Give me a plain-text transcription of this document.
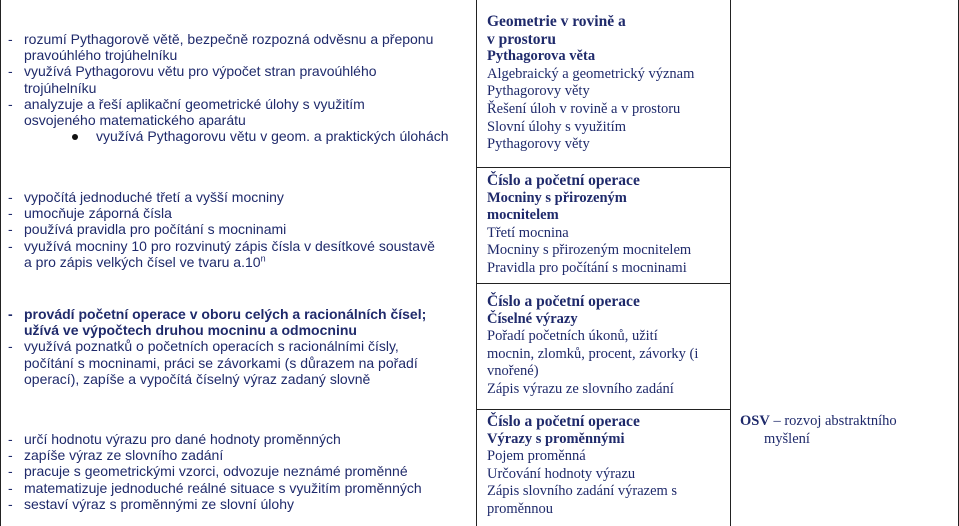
- rozumí Pythagorově větě, bezpečně rozpozná odvěsnu a přeponu
pravoúhlého trojúhelníku
- využívá Pythagorovu větu pro výpočet stran pravoúhlého
trojúhelníku
- analyzuje a řeší aplikační geometrické úlohy s využitím
osvojeného matematického aparátu
využívá Pythagorovu větu v geom. a praktických úlohách
- vypočítá jednoduché třetí a vyšší mocniny
- umocňuje záporná čísla
- používá pravidla pro počítání s mocninami
- využívá mocniny 10 pro rozvinutý zápis čísla v desítkové soustavě
a pro zápis velkých čísel ve tvaru a.10$^n$
- provádí početní operace v oboru celých a racionálních čísel;
užívá ve výpočtech druhou mocninu a odmocninu
- využívá poznatků o početních operacích s racionálními čísly,
počítání s mocninami, práci se závorkami (s důrazem na pořadí
operací), zapíše a vypočítá číselný výraz zadaný slovně
- určí hodnotu výrazu pro dané hodnoty proměnných
- zapíše výraz ze slovního zadání
- pracuje s geometrickými vzorci, odvozuje neznámé proměnné
- matematizuje jednoduché reálné situace s využitím proměnných
- sestaví výraz s proměnnými ze slovní úlohy
Geometrie v rovině a
v prostoru
Pythagorova věta
Algebraický a geometrický význam
Pythagorovy věty
Řešení úloh v rovině a v prostoru
Slovní úlohy s využitím
Pythagorovy věty
Číslo a početní operace
Mocniny s přirozeným
mocnitelem
Třetí mocnina
Mocniny s přirozeným mocnitelem
Pravidla pro počítání s mocninami
Číslo a početní operace
Číselné výrazy
Pořadí početních úkonů, užití
mocnin, zlomků, procent, závorky (i
vnořené)
Zápis výrazu ze slovního zadání
Číslo a početní operace
Výrazy s proměnnými
Pojem proměnná
Určování hodnoty výrazu
Zápis slovního zadání výrazem s
proměnnou
OSV – rozvoj abstraktního
myšlení
